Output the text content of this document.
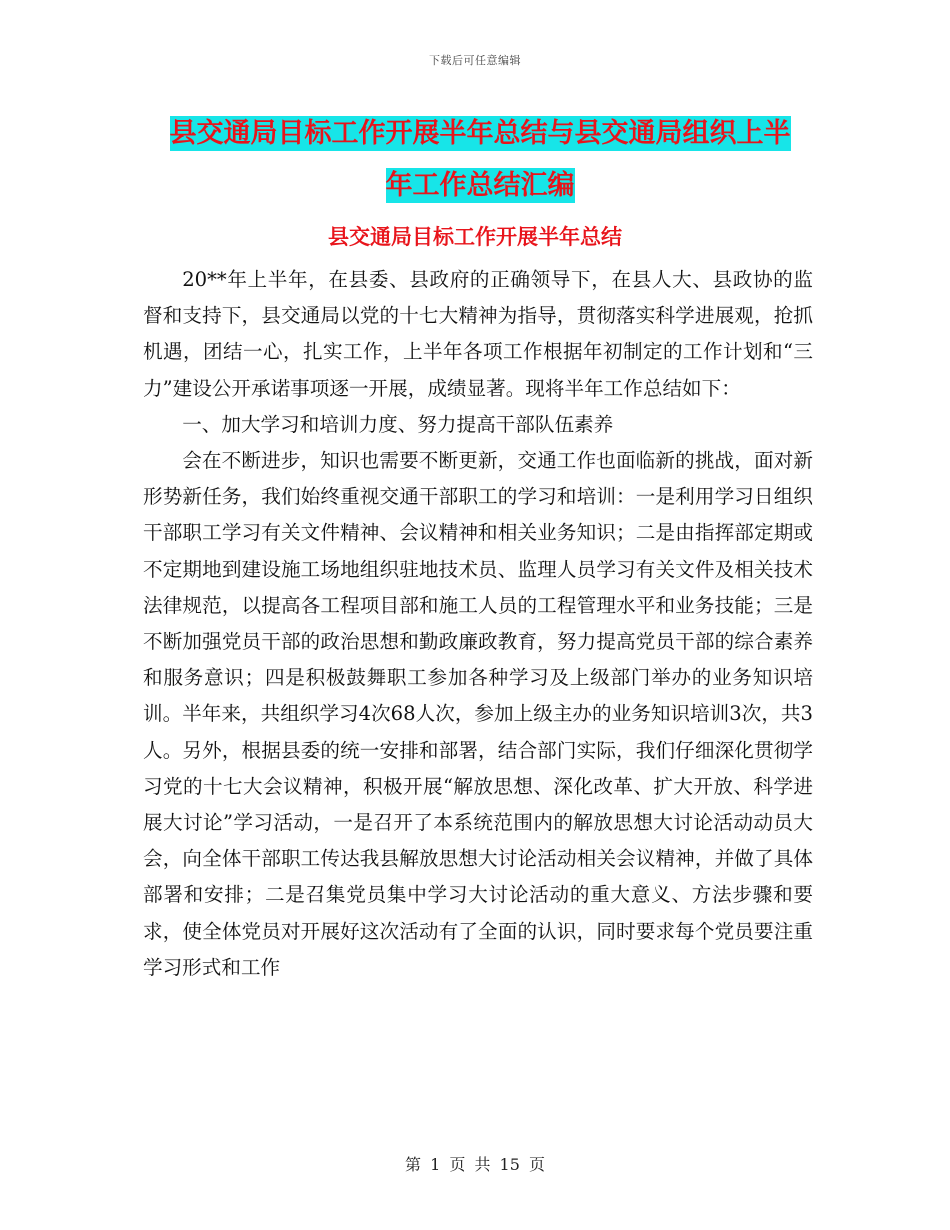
下载后可任意编辑
县交通局目标工作开展半年总结与县交通局组织上半
年工作总结汇编
县交通局目标工作开展半年总结

20**年上半年，在县委、县政府的正确领导下，在县人大、县政协的监督和支持下，县交通局以党的十七大精神为指导，贯彻落实科学进展观，抢抓机遇，团结一心，扎实工作，上半年各项工作根据年初制定的工作计划和“三力”建设公开承诺事项逐一开展，成绩显著。现将半年工作总结如下：

一、加大学习和培训力度、努力提高干部队伍素养

会在不断进步，知识也需要不断更新，交通工作也面临新的挑战，面对新形势新任务，我们始终重视交通干部职工的学习和培训：一是利用学习日组织干部职工学习有关文件精神、会议精神和相关业务知识；二是由指挥部定期或不定期地到建设施工场地组织驻地技术员、监理人员学习有关文件及相关技术法律规范，以提高各工程项目部和施工人员的工程管理水平和业务技能；三是不断加强党员干部的政治思想和勤政廉政教育，努力提高党员干部的综合素养和服务意识；四是积极鼓舞职工参加各种学习及上级部门举办的业务知识培训。半年来，共组织学习4次68人次，参加上级主办的业务知识培训3次，共3人。另外，根据县委的统一安排和部署，结合部门实际，我们仔细深化贯彻学习党的十七大会议精神，积极开展“解放思想、深化改革、扩大开放、科学进展大讨论”学习活动，一是召开了本系统范围内的解放思想大讨论活动动员大会，向全体干部职工传达我县解放思想大讨论活动相关会议精神，并做了具体部署和安排；二是召集党员集中学习大讨论活动的重大意义、方法步骤和要求，使全体党员对开展好这次活动有了全面的认识，同时要求每个党员要注重学习形式和工作

第 1 页 共 15 页
